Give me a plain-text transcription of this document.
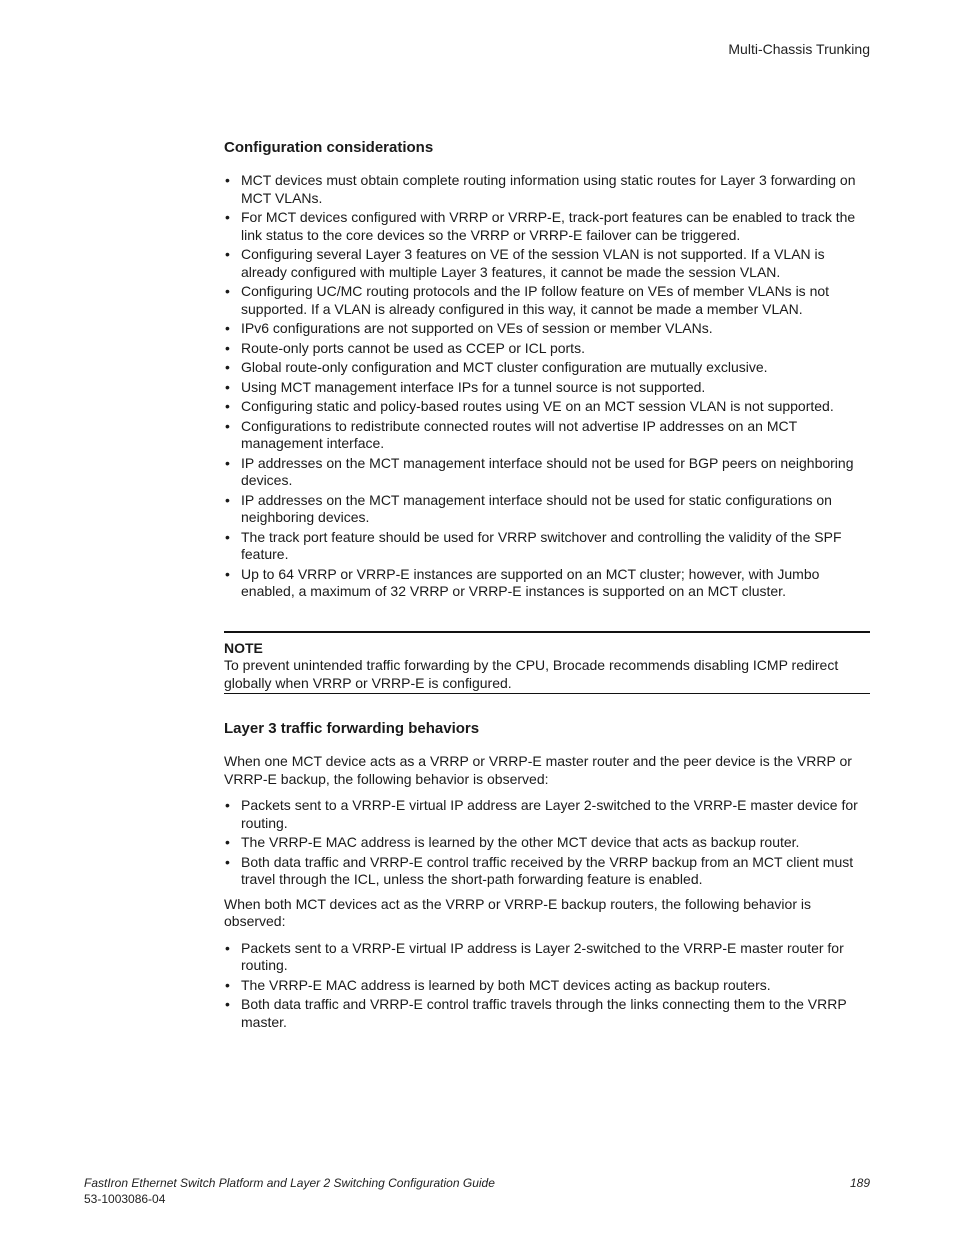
Multi-Chassis Trunking
Configuration considerations
• MCT devices must obtain complete routing information using static routes for Layer 3 forwarding on MCT VLANs.
• For MCT devices configured with VRRP or VRRP-E, track-port features can be enabled to track the link status to the core devices so the VRRP or VRRP-E failover can be triggered.
• Configuring several Layer 3 features on VE of the session VLAN is not supported. If a VLAN is already configured with multiple Layer 3 features, it cannot be made the session VLAN.
• Configuring UC/MC routing protocols and the IP follow feature on VEs of member VLANs is not supported. If a VLAN is already configured in this way, it cannot be made a member VLAN.
• IPv6 configurations are not supported on VEs of session or member VLANs.
• Route-only ports cannot be used as CCEP or ICL ports.
• Global route-only configuration and MCT cluster configuration are mutually exclusive.
• Using MCT management interface IPs for a tunnel source is not supported.
• Configuring static and policy-based routes using VE on an MCT session VLAN is not supported.
• Configurations to redistribute connected routes will not advertise IP addresses on an MCT management interface.
• IP addresses on the MCT management interface should not be used for BGP peers on neighboring devices.
• IP addresses on the MCT management interface should not be used for static configurations on neighboring devices.
• The track port feature should be used for VRRP switchover and controlling the validity of the SPF feature.
• Up to 64 VRRP or VRRP-E instances are supported on an MCT cluster; however, with Jumbo enabled, a maximum of 32 VRRP or VRRP-E instances is supported on an MCT cluster.
NOTE

To prevent unintended traffic forwarding by the CPU, Brocade recommends disabling ICMP redirect globally when VRRP or VRRP-E is configured.

Layer 3 traffic forwarding behaviors

When one MCT device acts as a VRRP or VRRP-E master router and the peer device is the VRRP or VRRP-E backup, the following behavior is observed:

• Packets sent to a VRRP-E virtual IP address are Layer 2-switched to the VRRP-E master device for routing.
• The VRRP-E MAC address is learned by the other MCT device that acts as backup router.
• Both data traffic and VRRP-E control traffic received by the VRRP backup from an MCT client must travel through the ICL, unless the short-path forwarding feature is enabled.

When both MCT devices act as the VRRP or VRRP-E backup routers, the following behavior is observed:

• Packets sent to a VRRP-E virtual IP address is Layer 2-switched to the VRRP-E master router for routing.
• The VRRP-E MAC address is learned by both MCT devices acting as backup routers.
• Both data traffic and VRRP-E control traffic travels through the links connecting them to the VRRP master.
FastIron Ethernet Switch Platform and Layer 2 Switching Configuration Guide
53-1003086-04
189
